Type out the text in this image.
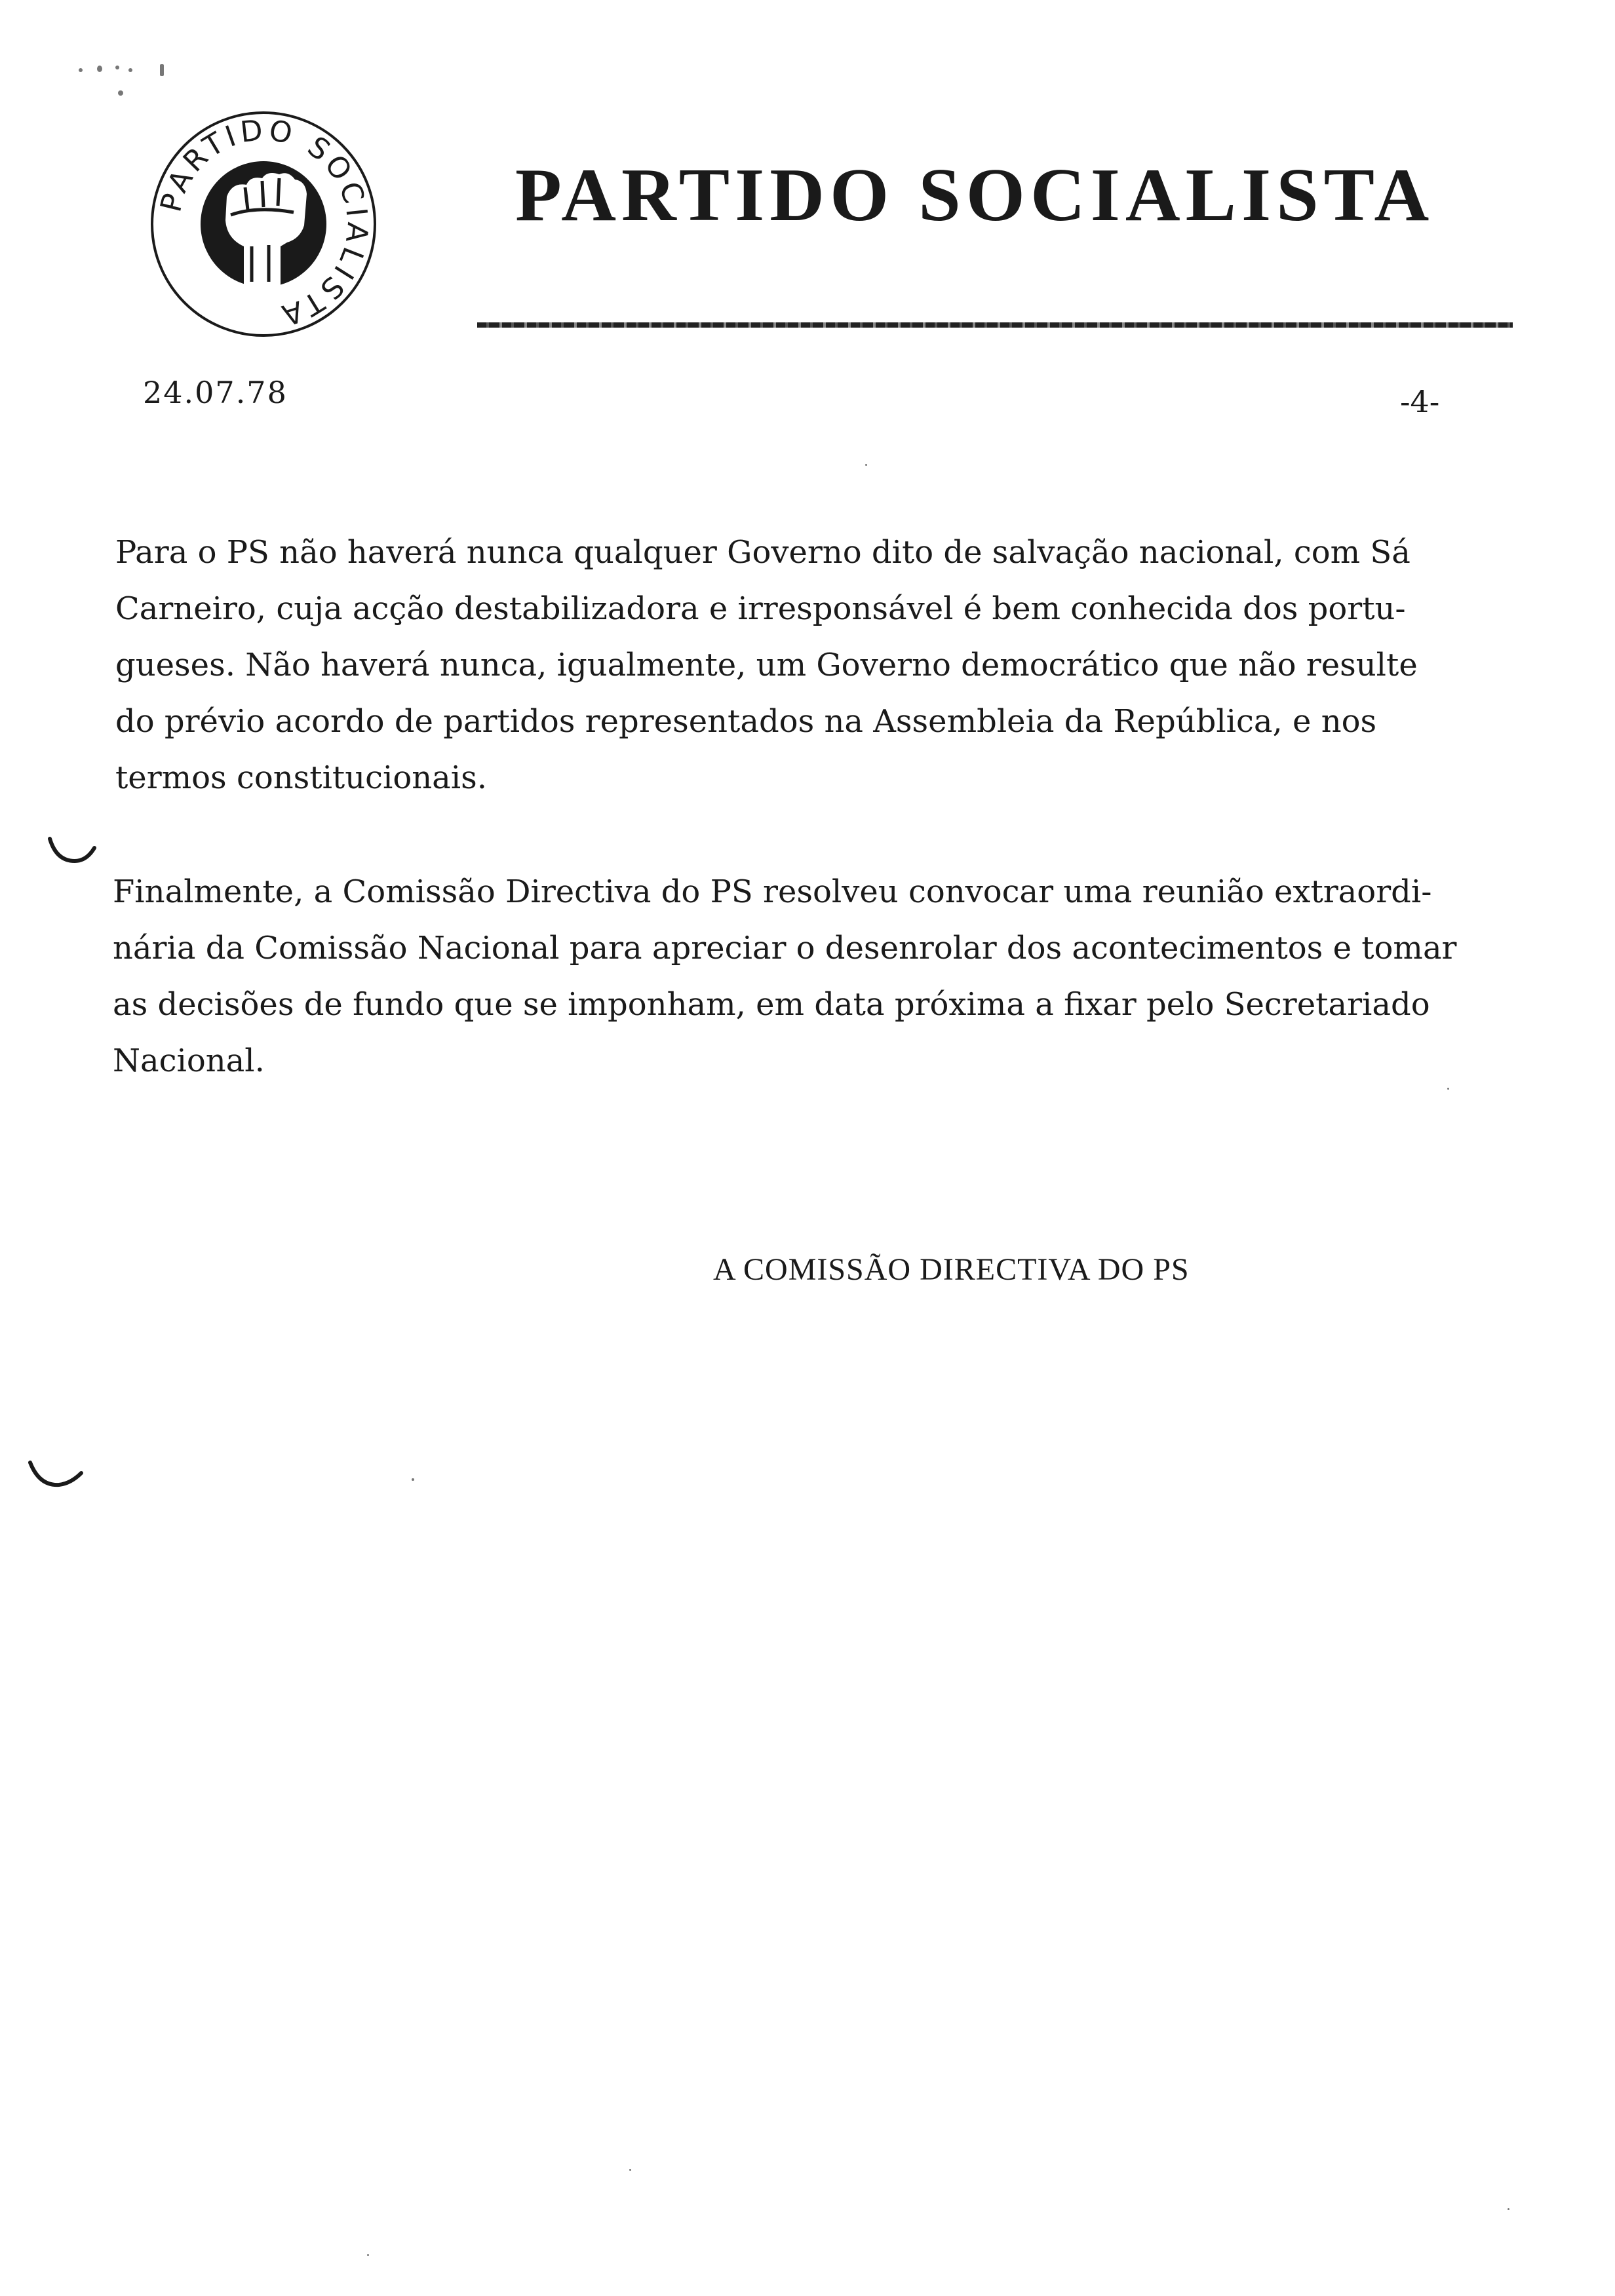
PARTIDO SOCIALISTA
PARTIDO SOCIALISTA
24.07.78	-4-

Para o PS não haverá nunca qualquer Governo dito de salvação nacional, com Sá
Carneiro, cuja acção destabilizadora e irresponsável é bem conhecida dos portu-
gueses. Não haverá nunca, igualmente, um Governo democrático que não resulte
do prévio acordo de partidos representados na Assembleia da República, e nos
termos constitucionais.

Finalmente, a Comissão Directiva do PS resolveu convocar uma reunião extraordi-
nária da Comissão Nacional para apreciar o desenrolar dos acontecimentos e tomar
as decisões de fundo que se imponham, em data próxima a fixar pelo Secretariado
Nacional.

A COMISSÃO DIRECTIVA DO PS
